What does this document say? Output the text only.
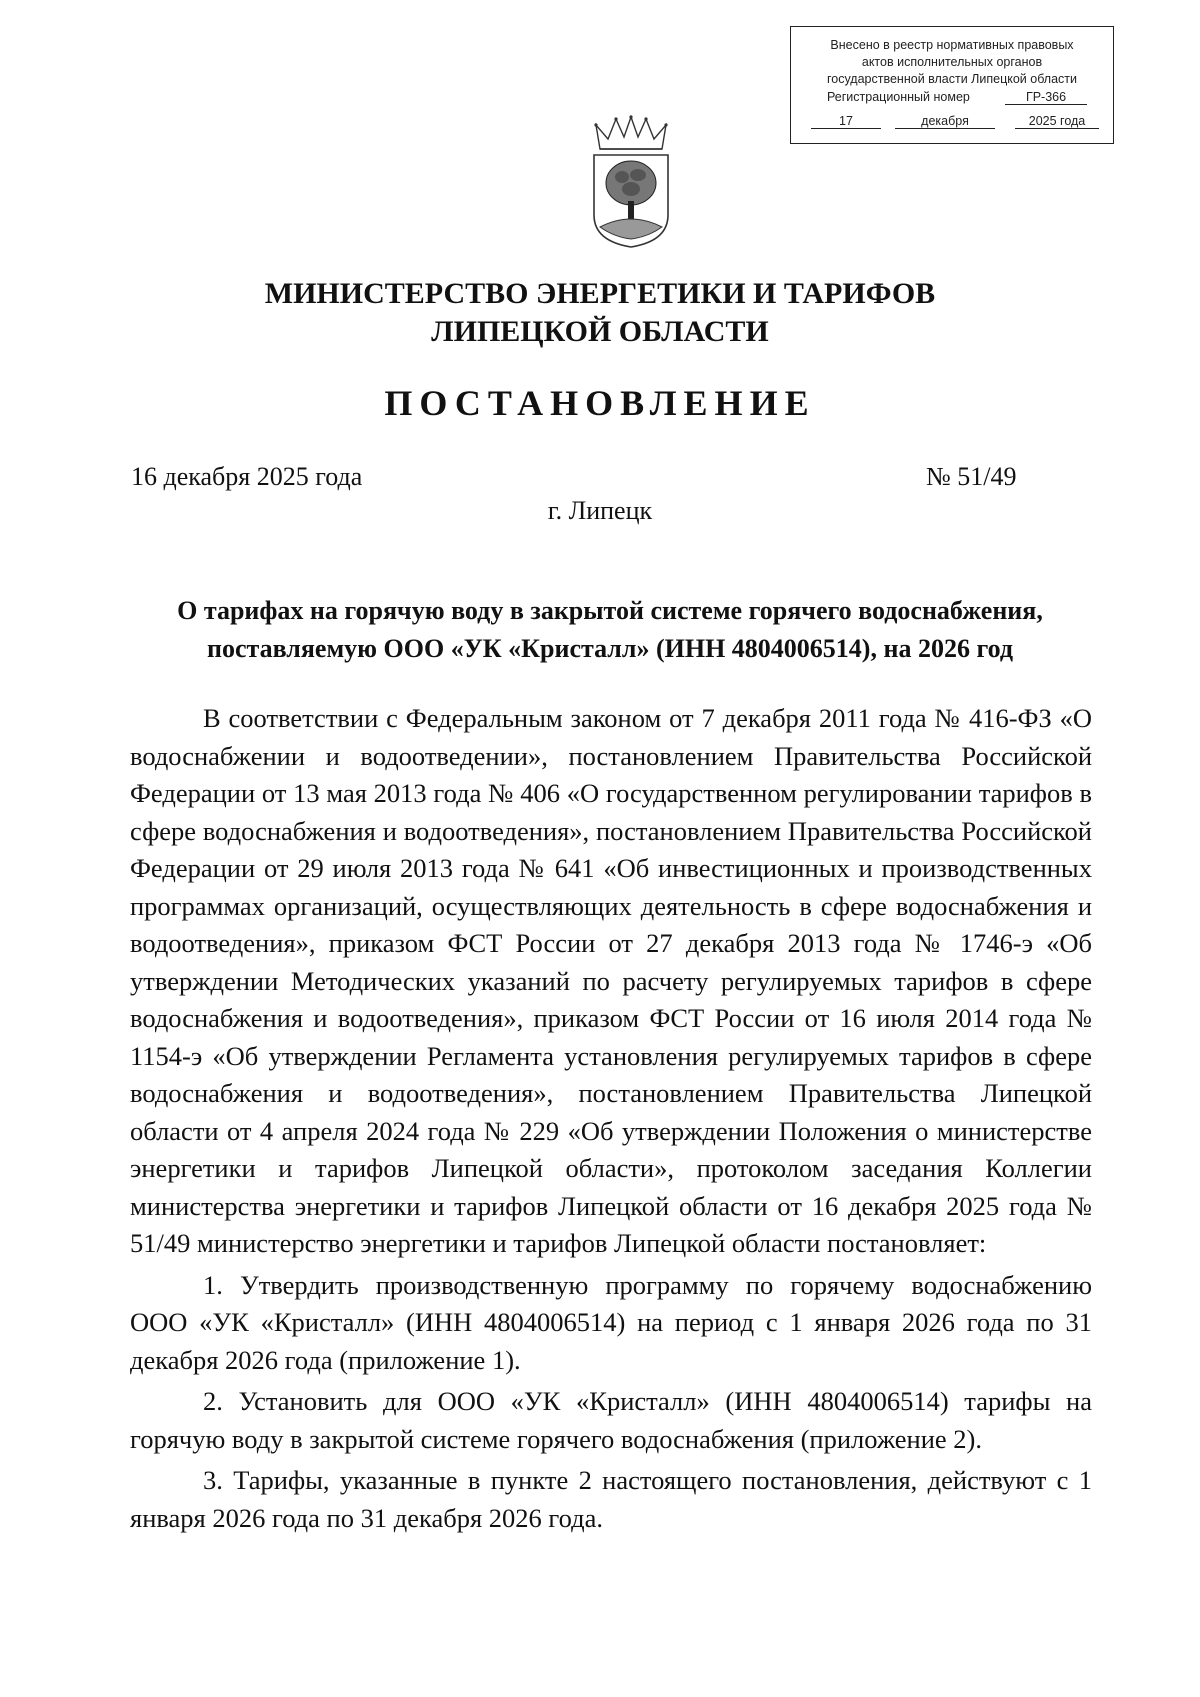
Внесено в реестр нормативных правовых
актов исполнительных органов
государственной власти Липецкой области
Регистрационный номер	ГР-366
17	декабря	2025 года
МИНИСТЕРСТВО ЭНЕРГЕТИКИ И ТАРИФОВ
ЛИПЕЦКОЙ ОБЛАСТИ
ПОСТАНОВЛЕНИЕ
16 декабря 2025 года	№ 51/49
г. Липецк
О тарифах на горячую воду в закрытой системе горячего водоснабжения,
поставляемую ООО «УК «Кристалл» (ИНН 4804006514), на 2026 год

В соответствии с Федеральным законом от 7 декабря 2011 года № 416-ФЗ «О водоснабжении и водоотведении», постановлением Правительства Российской Федерации от 13 мая 2013 года № 406 «О государственном регулировании тарифов в сфере водоснабжения и водоотведения», постановлением Правительства Российской Федерации от 29 июля 2013 года № 641 «Об инвестиционных и производственных программах организаций, осуществляющих деятельность в сфере водоснабжения и водоотведения», приказом ФСТ России от 27 декабря 2013 года № 1746-э «Об утверждении Методических указаний по расчету регулируемых тарифов в сфере водоснабжения и водоотведения», приказом ФСТ России от 16 июля 2014 года № 1154-э «Об утверждении Регламента установления регулируемых тарифов в сфере водоснабжения и водоотведения», постановлением Правительства Липецкой области от 4 апреля 2024 года № 229 «Об утверждении Положения о министерстве энергетики и тарифов Липецкой области», протоколом заседания Коллегии министерства энергетики и тарифов Липецкой области от 16 декабря 2025 года № 51/49 министерство энергетики и тарифов Липецкой области постановляет:

1. Утвердить производственную программу по горячему водоснабжению ООО «УК «Кристалл» (ИНН 4804006514) на период с 1 января 2026 года по 31 декабря 2026 года (приложение 1).

2. Установить для ООО «УК «Кристалл» (ИНН 4804006514) тарифы на горячую воду в закрытой системе горячего водоснабжения (приложение 2).

3. Тарифы, указанные в пункте 2 настоящего постановления, действуют с 1 января 2026 года по 31 декабря 2026 года.
